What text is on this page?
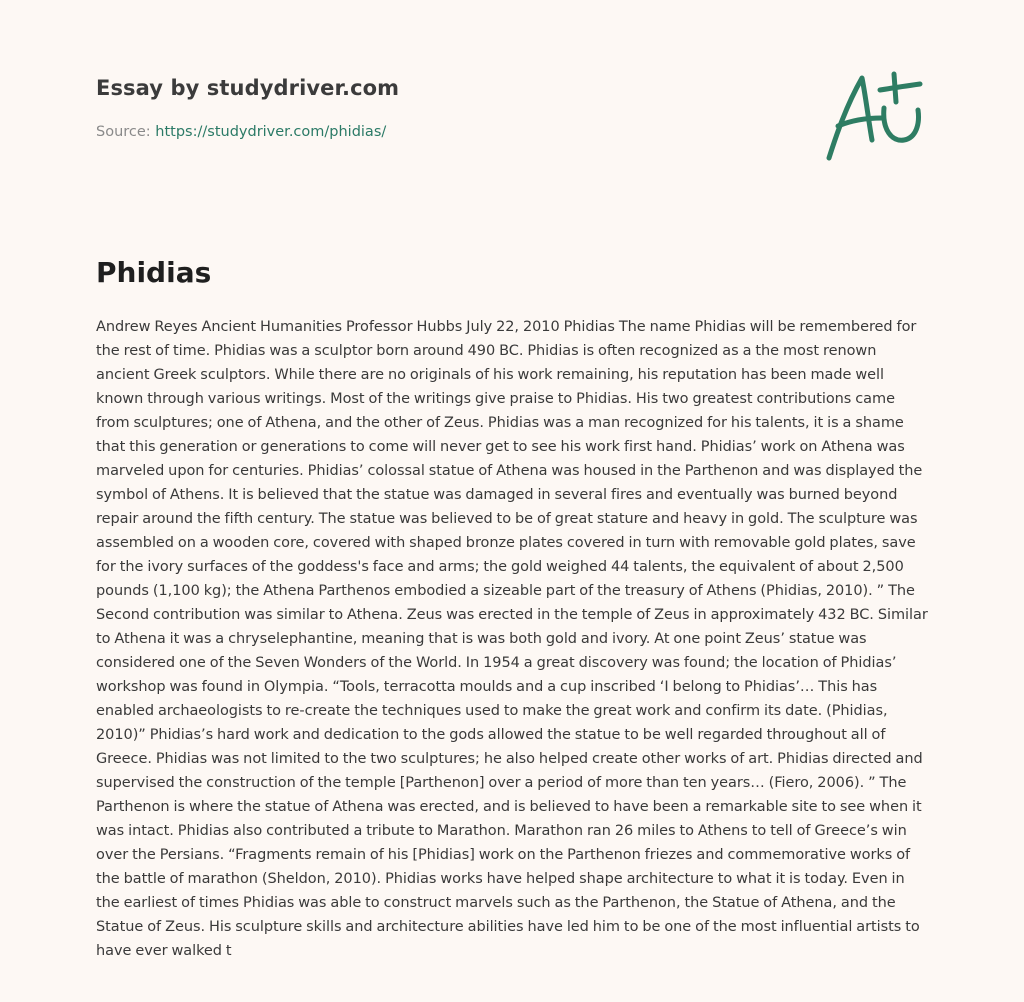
Essay by studydriver.com
Source: https://studydriver.com/phidias/
Phidias

Andrew Reyes Ancient Humanities Professor Hubbs July 22, 2010 Phidias The name Phidias will be remembered for the rest of time. Phidias was a sculptor born around 490 BC. Phidias is often recognized as a the most renown ancient Greek sculptors. While there are no originals of his work remaining, his reputation has been made well known through various writings. Most of the writings give praise to Phidias. His two greatest contributions came from sculptures; one of Athena, and the other of Zeus. Phidias was a man recognized for his talents, it is a shame that this generation or generations to come will never get to see his work first hand. Phidias’ work on Athena was marveled upon for centuries. Phidias’ colossal statue of Athena was housed in the Parthenon and was displayed the symbol of Athens. It is believed that the statue was damaged in several fires and eventually was burned beyond repair around the fifth century. The statue was believed to be of great stature and heavy in gold. The sculpture was assembled on a wooden core, covered with shaped bronze plates covered in turn with removable gold plates, save for the ivory surfaces of the goddess's face and arms; the gold weighed 44 talents, the equivalent of about 2,500 pounds (1,100 kg); the Athena Parthenos embodied a sizeable part of the treasury of Athens (Phidias, 2010). ” The Second contribution was similar to Athena. Zeus was erected in the temple of Zeus in approximately 432 BC. Similar to Athena it was a chryselephantine, meaning that is was both gold and ivory. At one point Zeus’ statue was considered one of the Seven Wonders of the World. In 1954 a great discovery was found; the location of Phidias’ workshop was found in Olympia. “Tools, terracotta moulds and a cup inscribed ‘I belong to Phidias’… This has enabled archaeologists to re-create the techniques used to make the great work and confirm its date. (Phidias, 2010)” Phidias’s hard work and dedication to the gods allowed the statue to be well regarded throughout all of Greece. Phidias was not limited to the two sculptures; he also helped create other works of art. Phidias directed and supervised the construction of the temple [Parthenon] over a period of more than ten years… (Fiero, 2006). ” The Parthenon is where the statue of Athena was erected, and is believed to have been a remarkable site to see when it was intact. Phidias also contributed a tribute to Marathon. Marathon ran 26 miles to Athens to tell of Greece’s win over the Persians. “Fragments remain of his [Phidias] work on the Parthenon friezes and commemorative works of the battle of marathon (Sheldon, 2010). Phidias works have helped shape architecture to what it is today. Even in the earliest of times Phidias was able to construct marvels such as the Parthenon, the Statue of Athena, and the Statue of Zeus. His sculpture skills and architecture abilities have led him to be one of the most influential artists to have ever walked t
